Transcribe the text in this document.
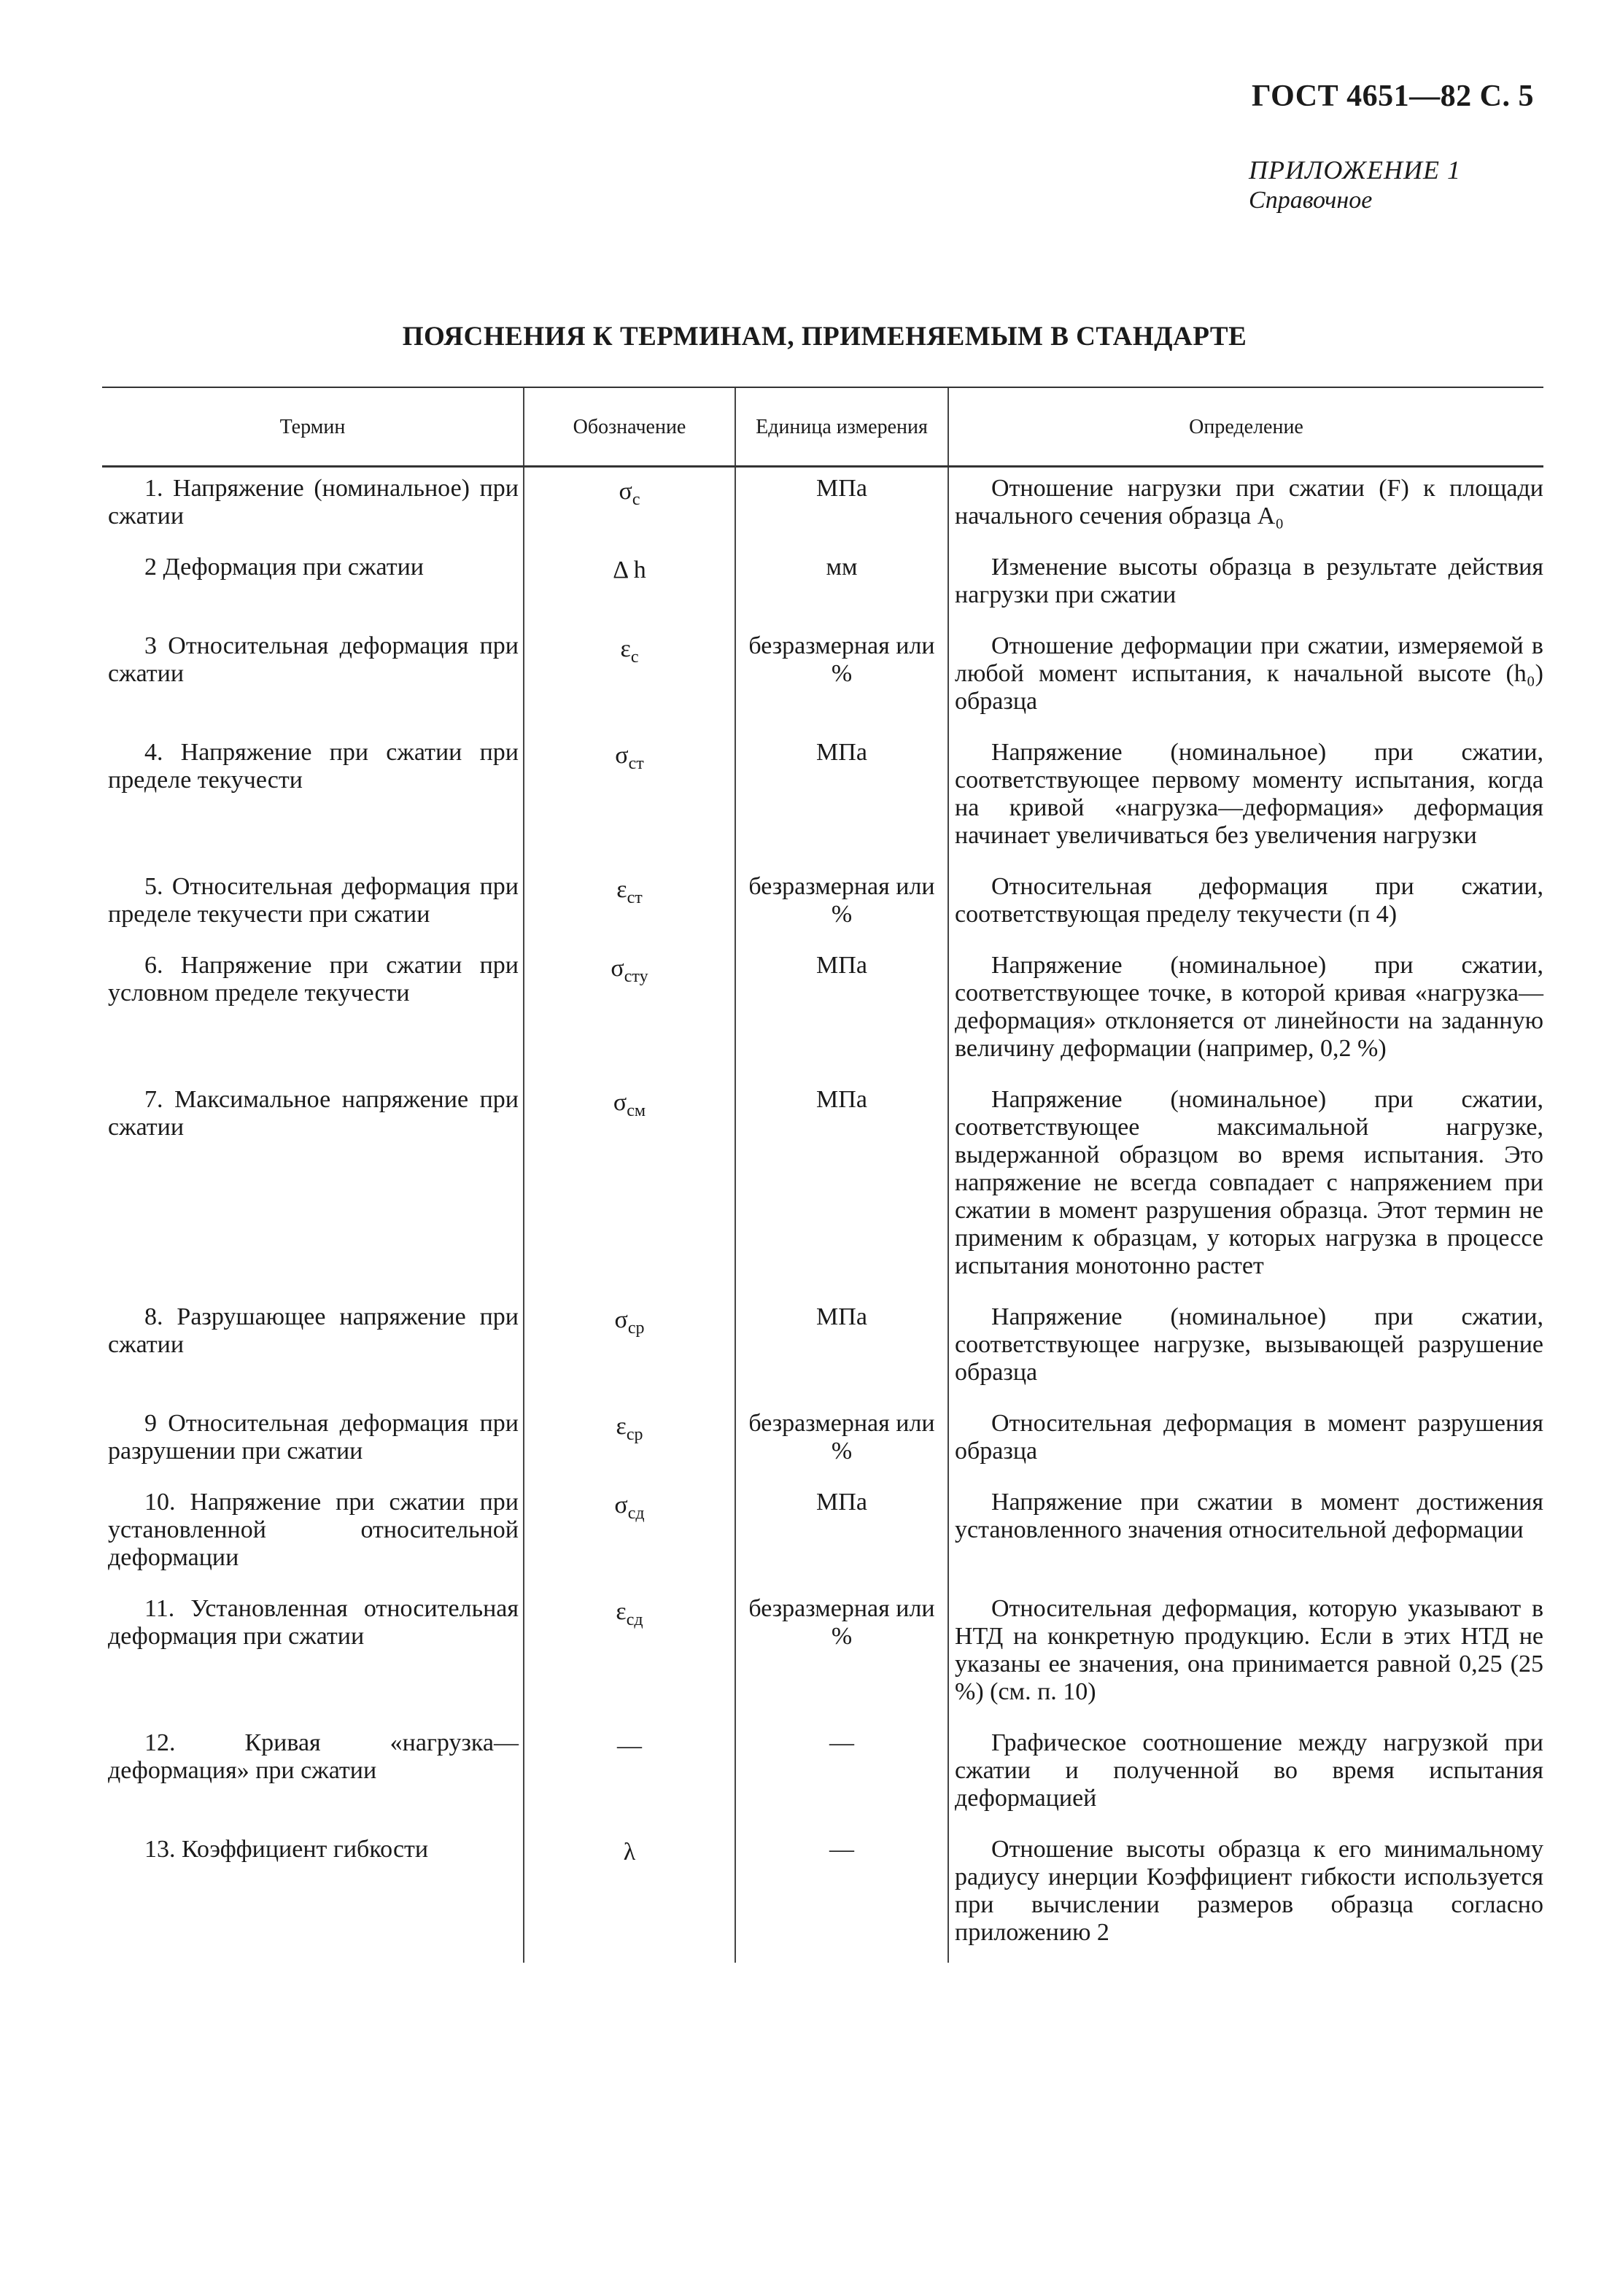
ГОСТ 4651—82 С. 5
ПРИЛОЖЕНИЕ 1
Справочное
ПОЯСНЕНИЯ К ТЕРМИНАМ, ПРИМЕНЯЕМЫМ В СТАНДАРТЕ
Термин	Обозначение	Единица измерения	Определение
1. Напряжение (номинальное) при сжатии	$\sigma_с$	МПа	Отношение нагрузки при сжатии (F) к площади начального сечения образца A₀
2 Деформация при сжатии	Δ h	мм	Изменение высоты образца в результате действия нагрузки при сжатии
3 Относительная деформация при сжатии	$\varepsilon_с$	безразмерная или %	Отношение деформации при сжатии, измеряемой в любой момент испытания, к начальной высоте (h₀) образца
4. Напряжение при сжатии при пределе текучести	$\sigma_{ст}$	МПа	Напряжение (номинальное) при сжатии, соответствующее первому моменту испытания, когда на кривой «нагрузка—деформация» деформация начинает увеличиваться без увеличения нагрузки
5. Относительная деформация при пределе текучести при сжатии	$\varepsilon_{ст}$	безразмерная или %	Относительная деформация при сжатии, соответствующая пределу текучести (п 4)
6. Напряжение при сжатии при условном пределе текучести	$\sigma_{сту}$	МПа	Напряжение (номинальное) при сжатии, соответствующее точке, в которой кривая «нагрузка—деформация» отклоняется от линейности на заданную величину деформации (например, 0,2 %)
7. Максимальное напряжение при сжатии	$\sigma_{см}$	МПа	Напряжение (номинальное) при сжатии, соответствующее максимальной нагрузке, выдержанной образцом во время испытания. Это напряжение не всегда совпадает с напряжением при сжатии в момент разрушения образца. Этот термин не применим к образцам, у которых нагрузка в процессе испытания монотонно растет
8. Разрушающее напряжение при сжатии	$\sigma_{ср}$	МПа	Напряжение (номинальное) при сжатии, соответствующее нагрузке, вызывающей разрушение образца
9 Относительная деформация при разрушении при сжатии	$\varepsilon_{ср}$	безразмерная или %	Относительная деформация в момент разрушения образца
10. Напряжение при сжатии при установленной относительной деформации	$\sigma_{сд}$	МПа	Напряжение при сжатии в момент достижения установленного значения относительной деформации
11. Установленная относительная деформация при сжатии	$\varepsilon_{сд}$	безразмерная или %	Относительная деформация, которую указывают в НТД на конкретную продукцию. Если в этих НТД не указаны ее значения, она принимается равной 0,25 (25 %) (см. п. 10)
12. Кривая «нагрузка—деформация» при сжатии	—	—	Графическое соотношение между нагрузкой при сжатии и полученной во время испытания деформацией
13. Коэффициент гибкости	λ	—	Отношение высоты образца к его минимальному радиусу инерции Коэффициент гибкости используется при вычислении размеров образца согласно приложению 2
